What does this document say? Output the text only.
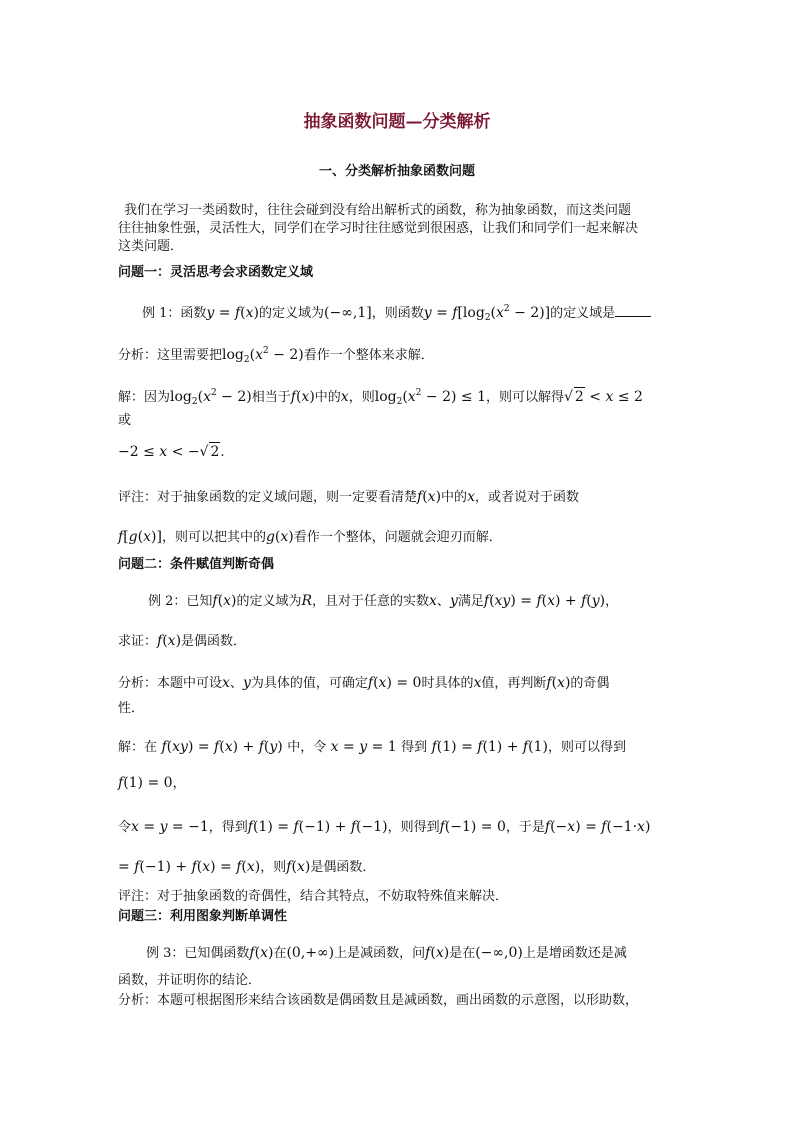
抽象函数问题—分类解析
一、分类解析抽象函数问题
我们在学习一类函数时，往往会碰到没有给出解析式的函数，称为抽象函数，而这类问题
往往抽象性强，灵活性大，同学们在学习时往往感觉到很困惑，让我们和同学们一起来解决
这类问题．
问题一：灵活思考会求函数定义域
例 1：函数y = f(x)的定义域为(−∞,1]，则函数$y = f[\log_2(x^2 - 2)]$的定义域是
分析：这里需要把$\log_2(x^2 - 2)$看作一个整体来求解．
解：因为$\log_2(x^2 - 2)$相当于f(x)中的x，则$\log_2(x^2 - 2) \le 1$，则可以解得√ 2 < x ≤ 2
或
−2 ≤ x < −√ 2.
评注：对于抽象函数的定义域问题，则一定要看清楚f(x)中的x，或者说对于函数
f[g(x)]，则可以把其中的g(x)看作一个整体，问题就会迎刃而解．
问题二：条件赋值判断奇偶
例 2：已知f(x)的定义域为R，且对于任意的实数x、y满足f(xy) = f(x) + f(y)，
求证：f(x)是偶函数．
分析：本题中可设x、y为具体的值，可确定f(x) = 0时具体的x值，再判断f(x)的奇偶
性．
解：在 f(xy) = f(x) + f(y) 中，令 x = y = 1 得到 f(1) = f(1) + f(1)，则可以得到
f(1) = 0，
令x = y = −1，得到f(1) = f(−1) + f(−1)，则得到f(−1) = 0，于是f(−x) = f(−1·x)
= f(−1) + f(x) = f(x)，则f(x)是偶函数．
评注：对于抽象函数的奇偶性，结合其特点，不妨取特殊值来解决．
问题三：利用图象判断单调性
例 3：已知偶函数f(x)在(0,+∞)上是减函数，问f(x)是在(−∞,0)上是增函数还是减
函数，并证明你的结论．
分析：本题可根据图形来结合该函数是偶函数且是减函数，画出函数的示意图，以形助数，
